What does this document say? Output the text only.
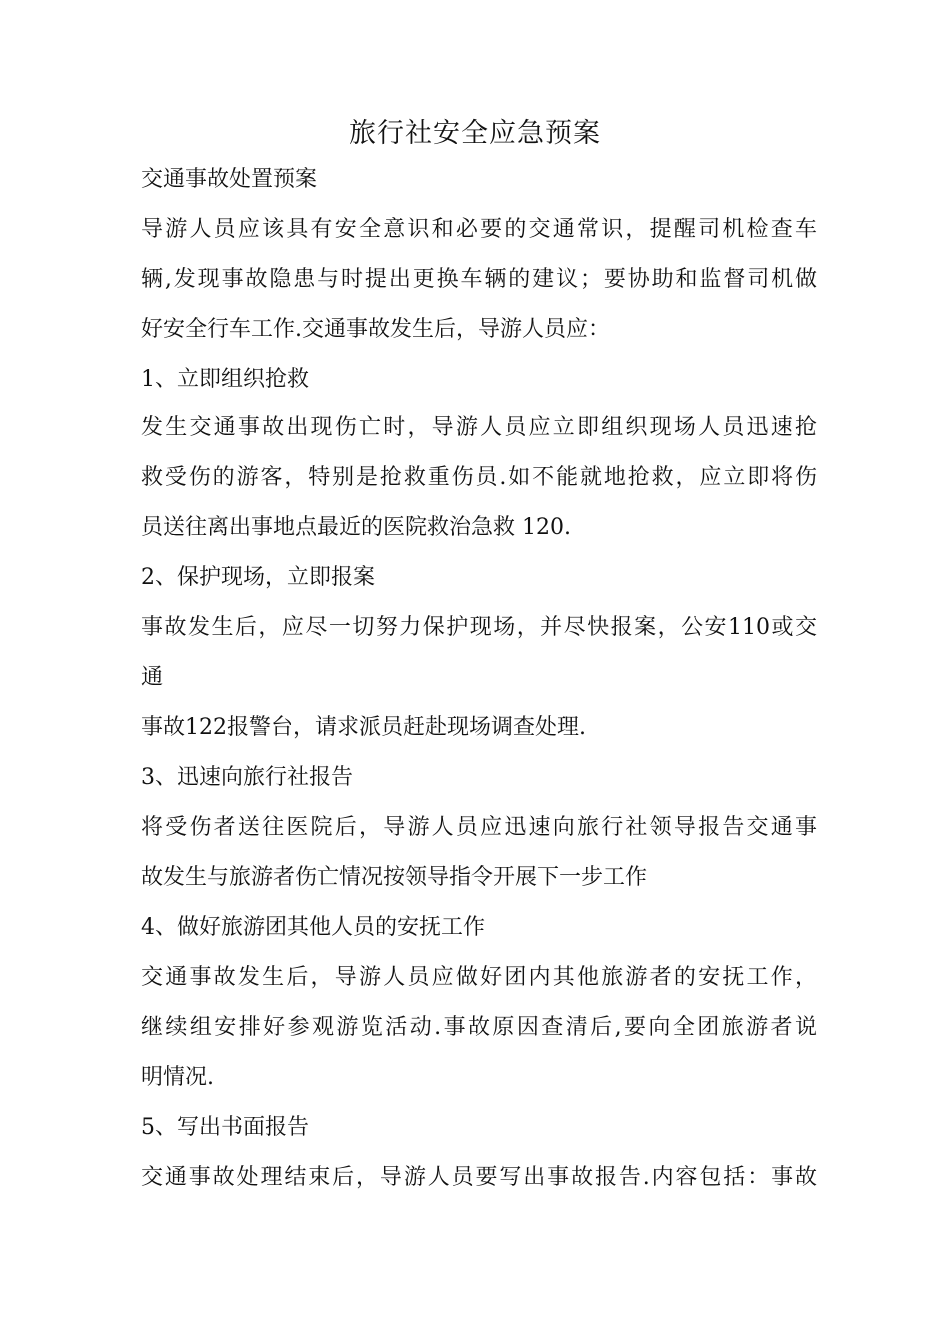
旅行社安全应急预案
交通事故处置预案
导游人员应该具有安全意识和必要的交通常识，提醒司机检查车
辆,发现事故隐患与时提出更换车辆的建议；要协助和监督司机做
好安全行车工作.交通事故发生后，导游人员应：
1、立即组织抢救
发生交通事故出现伤亡时，导游人员应立即组织现场人员迅速抢
救受伤的游客，特别是抢救重伤员.如不能就地抢救，应立即将伤
员送往离出事地点最近的医院救治急救 120.
2、保护现场，立即报案
事故发生后，应尽一切努力保护现场，并尽快报案，公安110或交
通
事故122报警台，请求派员赶赴现场调查处理.
3、迅速向旅行社报告
将受伤者送往医院后，导游人员应迅速向旅行社领导报告交通事
故发生与旅游者伤亡情况按领导指令开展下一步工作
4、做好旅游团其他人员的安抚工作
交通事故发生后，导游人员应做好团内其他旅游者的安抚工作，
继续组安排好参观游览活动.事故原因查清后,要向全团旅游者说
明情况.
5、写出书面报告
交通事故处理结束后，导游人员要写出事故报告.内容包括：事故
